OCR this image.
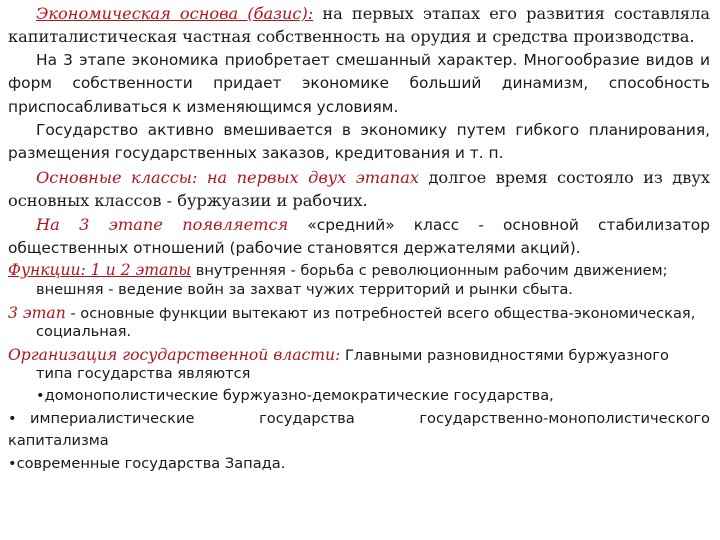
Экономическая основа (базис): на первых этапах его развития составляла капиталистическая частная собственность на орудия и средства производства.

На 3 этапе экономика приобретает смешанный характер. Многообразие видов и форм собственности придает экономике больший динамизм, способность приспосабливаться к изменяющимся условиям.

Государство активно вмешивается в экономику путем гибкого планирования, размещения государственных заказов, кредитования и т. п.

Основные классы: на первых двух этапах долгое время состояло из двух основных классов - буржуазии и рабочих.

На 3 этапе появляется «средний» класс - основной стабилизатор общественных отношений (рабочие становятся держателями акций).

Функции: 1 и 2 этапы внутренняя - борьба с революционным рабочим движением; внешняя - ведение войн за захват чужих территорий и рынки сбыта.

3 этап - основные функции вытекают из потребностей всего общества-экономическая, социальная.

Организация государственной власти: Главными разновидностями буржуазного типа государства являются

•домонополистические буржуазно-демократические государства,
• империалистические государства государственно-монополистического
капитализма
•современные государства Запада.
